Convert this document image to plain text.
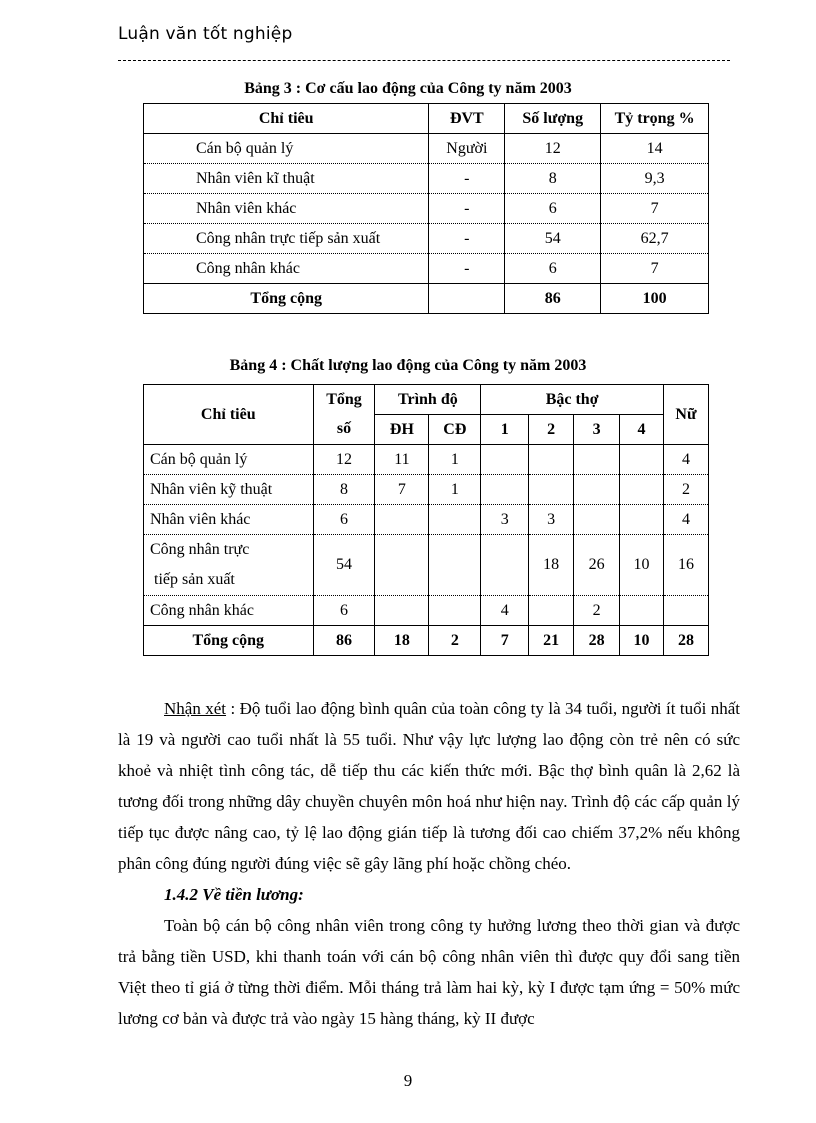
Luận văn tốt nghiệp
Bảng 3 : Cơ cấu lao động của Công ty năm 2003
Chỉ tiêu	ĐVT	Số lượng	Tỷ trọng %
Cán bộ quản lý	Người	12	14
Nhân viên kĩ thuật	-	8	9,3
Nhân viên khác	-	6	7
Công nhân trực tiếp sản xuất	-	54	62,7
Công nhân khác	-	6	7
Tổng cộng		86	100
Bảng 4 : Chất lượng lao động của Công ty năm 2003
Chỉ tiêu	Tổng	Trình độ		Bậc thợ				Nữ
	số	ĐH	CĐ	1	2	3	4	
Cán bộ quản lý	12	11	1					4
Nhân viên kỹ thuật	8	7	1					2
Nhân viên khác	6			3	3			4

Công nhân trực
tiếp sản xuất	54				18	26	10	16
Công nhân khác	6			4		2		
Tổng cộng	86	18	2	7	21	28	10	28

Nhận xét : Độ tuổi lao động bình quân của toàn công ty là 34 tuổi, người ít tuổi nhất là 19 và người cao tuổi nhất là 55 tuổi. Như vậy lực lượng lao động còn trẻ nên có sức khoẻ và nhiệt tình công tác, dễ tiếp thu các kiến thức mới. Bậc thợ bình quân là 2,62 là tương đối trong những dây chuyền chuyên môn hoá như hiện nay. Trình độ các cấp quản lý tiếp tục được nâng cao, tỷ lệ lao động gián tiếp là tương đối cao chiếm 37,2% nếu không phân công đúng người đúng việc sẽ gây lãng phí hoặc chồng chéo.

1.4.2 Về tiền lương:

Toàn bộ cán bộ công nhân viên trong công ty hưởng lương theo thời gian và được trả bằng tiền USD, khi thanh toán với cán bộ công nhân viên thì được quy đổi sang tiền Việt theo tỉ giá ở từng thời điểm. Mỗi tháng trả làm hai kỳ, kỳ I được tạm ứng = 50% mức lương cơ bản và được trả vào ngày 15 hàng tháng, kỳ II được

9
